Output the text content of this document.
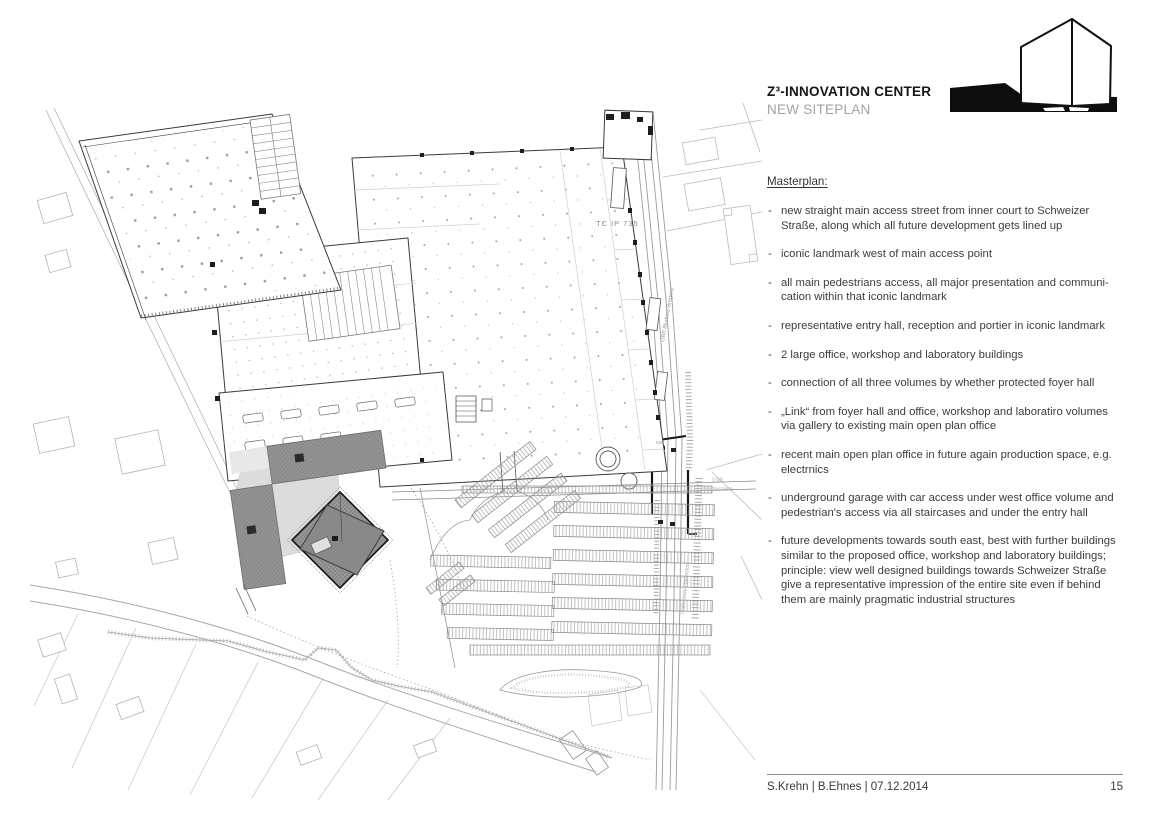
TC IP 735
038
Haltestelle
ÖBB Bludenz-Bregenz
Haltestelle Hatlerdorf
038
Z³-INNOVATION CENTER
NEW SITEPLAN
Masterplan:
- new straight main access street from inner court to Schweizer Straße, along which all future development gets lined up
- iconic landmark west of main access point
- all main pedestrians access, all major presentation and communi-cation within that iconic landmark
- representative entry hall, reception and portier in iconic landmark
- 2 large office, workshop and laboratory buildings
- connection of all three volumes by whether protected foyer hall
- „Link“ from foyer hall and office, workshop and laboratiro volumes via gallery to existing main open plan office
- recent main open plan office in future again production space, e.g. electrnics
- underground garage with car access under west office volume and pedestrian's access via all staircases and under the entry hall
- future developments towards south east, best with further buildings similar to the proposed office, workshop and laboratory buildings; principle: view well designed buildings towards Schweizer Straße give a representative impression of the entire site even if behind them are mainly pragmatic industrial structures
S.Krehn | B.Ehnes | 07.12.2014	15
